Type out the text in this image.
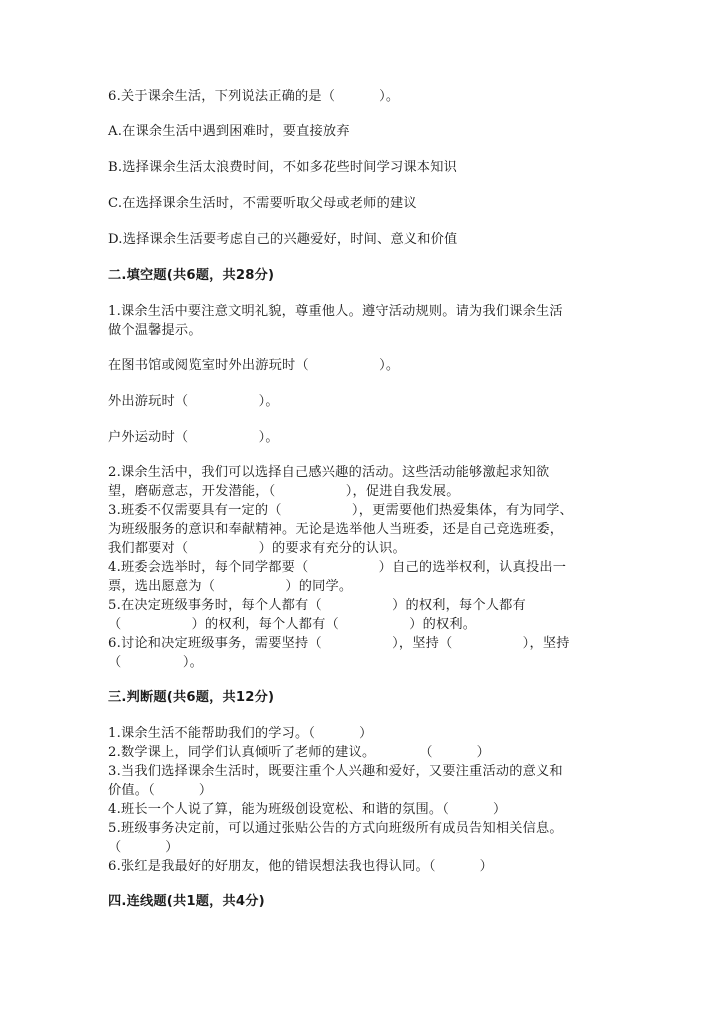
6.关于课余生活，下列说法正确的是（          ）。
A.在课余生活中遇到困难时，要直接放弃
B.选择课余生活太浪费时间，不如多花些时间学习课本知识
C.在选择课余生活时，不需要听取父母或老师的建议
D.选择课余生活要考虑自己的兴趣爱好，时间、意义和价值
二.填空题(共6题，共28分)
1.课余生活中要注意文明礼貌，尊重他人。遵守活动规则。请为我们课余生活
做个温馨提示。
在图书馆或阅览室时外出游玩时（                ）。
外出游玩时（                ）。
户外运动时（                ）。
2.课余生活中，我们可以选择自己感兴趣的活动。这些活动能够激起求知欲
望，磨砺意志，开发潜能，（                ），促进自我发展。
3.班委不仅需要具有一定的（                ），更需要他们热爱集体，有为同学、
为班级服务的意识和奉献精神。无论是选举他人当班委，还是自己竞选班委，
我们都要对（                ）的要求有充分的认识。
4.班委会选举时，每个同学都要（                ）自己的选举权利，认真投出一
票，选出愿意为（                ）的同学。
5.在决定班级事务时，每个人都有（                ）的权利，每个人都有
（                ）的权利，每个人都有（                ）的权利。
6.讨论和决定班级事务，需要坚持（                ），坚持（                ），坚持
（              ）。
三.判断题(共6题，共12分)
1.课余生活不能帮助我们的学习。（          ）
2.数学课上，同学们认真倾听了老师的建议。          （          ）
3.当我们选择课余生活时，既要注重个人兴趣和爱好，又要注重活动的意义和
价值。（          ）
4.班长一个人说了算，能为班级创设宽松、和谐的氛围。（          ）
5.班级事务决定前，可以通过张贴公告的方式向班级所有成员告知相关信息。
（          ）
6.张红是我最好的好朋友，他的错误想法我也得认同。（          ）
四.连线题(共1题，共4分)
